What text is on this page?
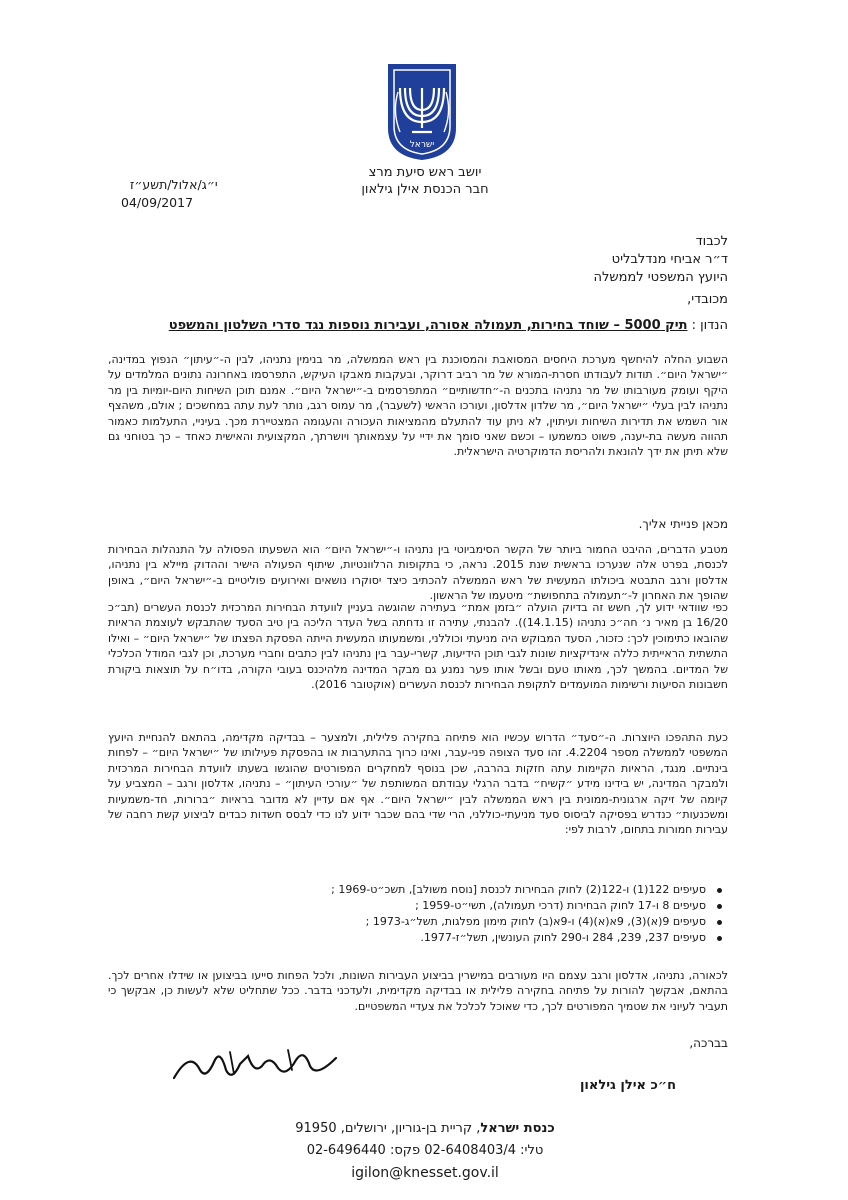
ישראל
יושב ראש סיעת מרצ
חבר הכנסת אילן גילאון
י״ג/אלול/תשע״ז
04/09/2017
לכבוד
ד״ר אביחי מנדלבליט
היועץ המשפטי לממשלה
מכובדי,
הנדון : תיק 5000 – שוחד בחירות, תעמולה אסורה, ועבירות נוספות נגד סדרי השלטון והמשפט
השבוע החלה להיחשף מערכת היחסים המסואבת והמסוכנת בין ראש הממשלה, מר בנימין נתניהו, לבין ה-״עיתון״ הנפוץ במדינה, ״ישראל היום״. תודות לעבודתו חסרת-המורא של מר רביב דרוקר, ובעקבות מאבקו העיקש, התפרסמו באחרונה נתונים המלמדים על היקף ועומק מעורבותו של מר נתניהו בתכנים ה-״חדשותיים״ המתפרסמים ב-״ישראל היום״. אמנם תוכן השיחות היום-יומיות בין מר נתניהו לבין בעלי ״ישראל היום״, מר שלדון אדלסון, ועורכו הראשי (לשעבר), מר עמוס רגב, נותר לעת עתה במחשכים ; אולם, משהצף אור השמש את תדירות השיחות ועיתוין, לא ניתן עוד להתעלם מהמציאות העכורה והעגומה המצטיירת מכך. בעיניי, התעלמות כאמור תהווה מעשה בת-יענה, פשוט כמשמעו – וכשם שאני סומך את ידיי על עצמאותך ויושרתך, המקצועית והאישית כאחד – כך בטוחני גם שלא תיתן את ידך להונאת ולהריסת הדמוקרטיה הישראלית.
מכאן פנייתי אליך.
מטבע הדברים, ההיבט החמור ביותר של הקשר הסימביוטי בין נתניהו ו-״ישראל היום״ הוא השפעתו הפסולה על התנהלות הבחירות לכנסת, בפרט אלה שנערכו בראשית שנת 2015. נראה, כי בתקופות הרלוונטיות, שיתוף הפעולה הישיר וההדוק מיילא בין נתניהו, אדלסון ורגב התבטא ביכולתו המעשית של ראש הממשלה להכתיב כיצד יסוקרו נושאים ואירועים פוליטיים ב-״ישראל היום״, באופן שהופך את האחרון ל-״תעמולה בתחפושת״ מיטעמו של הראשון.
כפי שוודאי ידוע לך, חשש זה בדיוק הועלה ״בזמן אמת״ בעתירה שהוגשה בעניין לוועדת הבחירות המרכזית לכנסת העשרים (תב״כ 16/20 בן מאיר נ׳ חה״כ נתניהו (14.1.15)). להבנתי, עתירה זו נדחתה בשל העדר הליכה בין טיב הסעד שהתבקש לעוצמת הראיות שהובאו כתימוכין לכך: כזכור, הסעד המבוקש היה מניעתי וכוללני, ומשמעותו המעשית הייתה הפסקת הפצתו של ״ישראל היום״ – ואילו התשתית הראייתית כללה אינדיקציות שונות לגבי תוכן הידיעות, קשרי-עבר בין נתניהו לבין כתבים וחברי מערכת, וכן לגבי המודל הכלכלי של המדיום. בהמשך לכך, מאותו טעם ובשל אותו פער נמנע גם מבקר המדינה מלהיכנס בעובי הקורה, בדו״ח על תוצאות ביקורת חשבונות הסיעות ורשימות המועמדים לתקופת הבחירות לכנסת העשרים (אוקטובר 2016).
כעת התהפכו היוצרות. ה-״סעד״ הדרוש עכשיו הוא פתיחה בחקירה פלילית, ולמצער – בבדיקה מקדימה, בהתאם להנחיית היועץ המשפטי לממשלה מספר 4.2204. זהו סעד הצופה פני-עבר, ואינו כרוך בהתערבות או בהפסקת פעילותו של ״ישראל היום״ – לפחות בינתיים. מנגד, הראיות הקיימות עתה חזקות בהרבה, שכן בנוסף למחקרים המפורטים שהוגשו בשעתו לוועדת הבחירות המרכזית ולמבקר המדינה, יש בידינו מידע ״קשיח״ בדבר הרגלי עבודתם המשותפת של ״עורכי העיתון״ – נתניהו, אדלסון ורגב – המצביע על קיומה של זיקה ארגונית-ממונית בין ראש הממשלה לבין ״ישראל היום״. אף אם עדיין לא מדובר בראיות ״ברורות, חד-משמעיות ומשכנעות״ כנדרש בפסיקה לביסוס סעד מניעתי-כוללני, הרי שדי בהם שכבר ידוע לנו כדי לבסס חשדות כבדים לביצוע קשת רחבה של עבירות חמורות בתחום, לרבות לפי:
סעיפים 122(1) ו-122(2) לחוק הבחירות לכנסת [נוסח משולב], תשכ״ט-1969 ;
סעיפים 8 ו-17 לחוק הבחירות (דרכי תעמולה), תשי״ט-1959 ;
סעיפים 9(א)(3), 9א(א)(4) ו-9א(ב) לחוק מימון מפלגות, תשל״ג-1973 ;
סעיפים 237, 239, 284 ו-290 לחוק העונשין, תשל״ז-1977.
לכאורה, נתניהו, אדלסון ורגב עצמם היו מעורבים במישרין בביצוע העבירות השונות, ולכל הפחות סייעו בביצוען או שידלו אחרים לכך. בהתאם, אבקשך להורות על פתיחה בחקירה פלילית או בבדיקה מקדימית, ולעדכני בדבר. ככל שתחליט שלא לעשות כן, אבקשך כי תעביר לעיוני את שטמיך המפורטים לכך, כדי שאוכל לכלכל את צעדיי המשפטיים.
בברכה,
ח״כ אילן גילאון
כנסת ישראל, קריית בן-גוריון, ירושלים, 91950
טלי: 02-6408403/4 פקס: 02-6496440
igilon@knesset.gov.il
